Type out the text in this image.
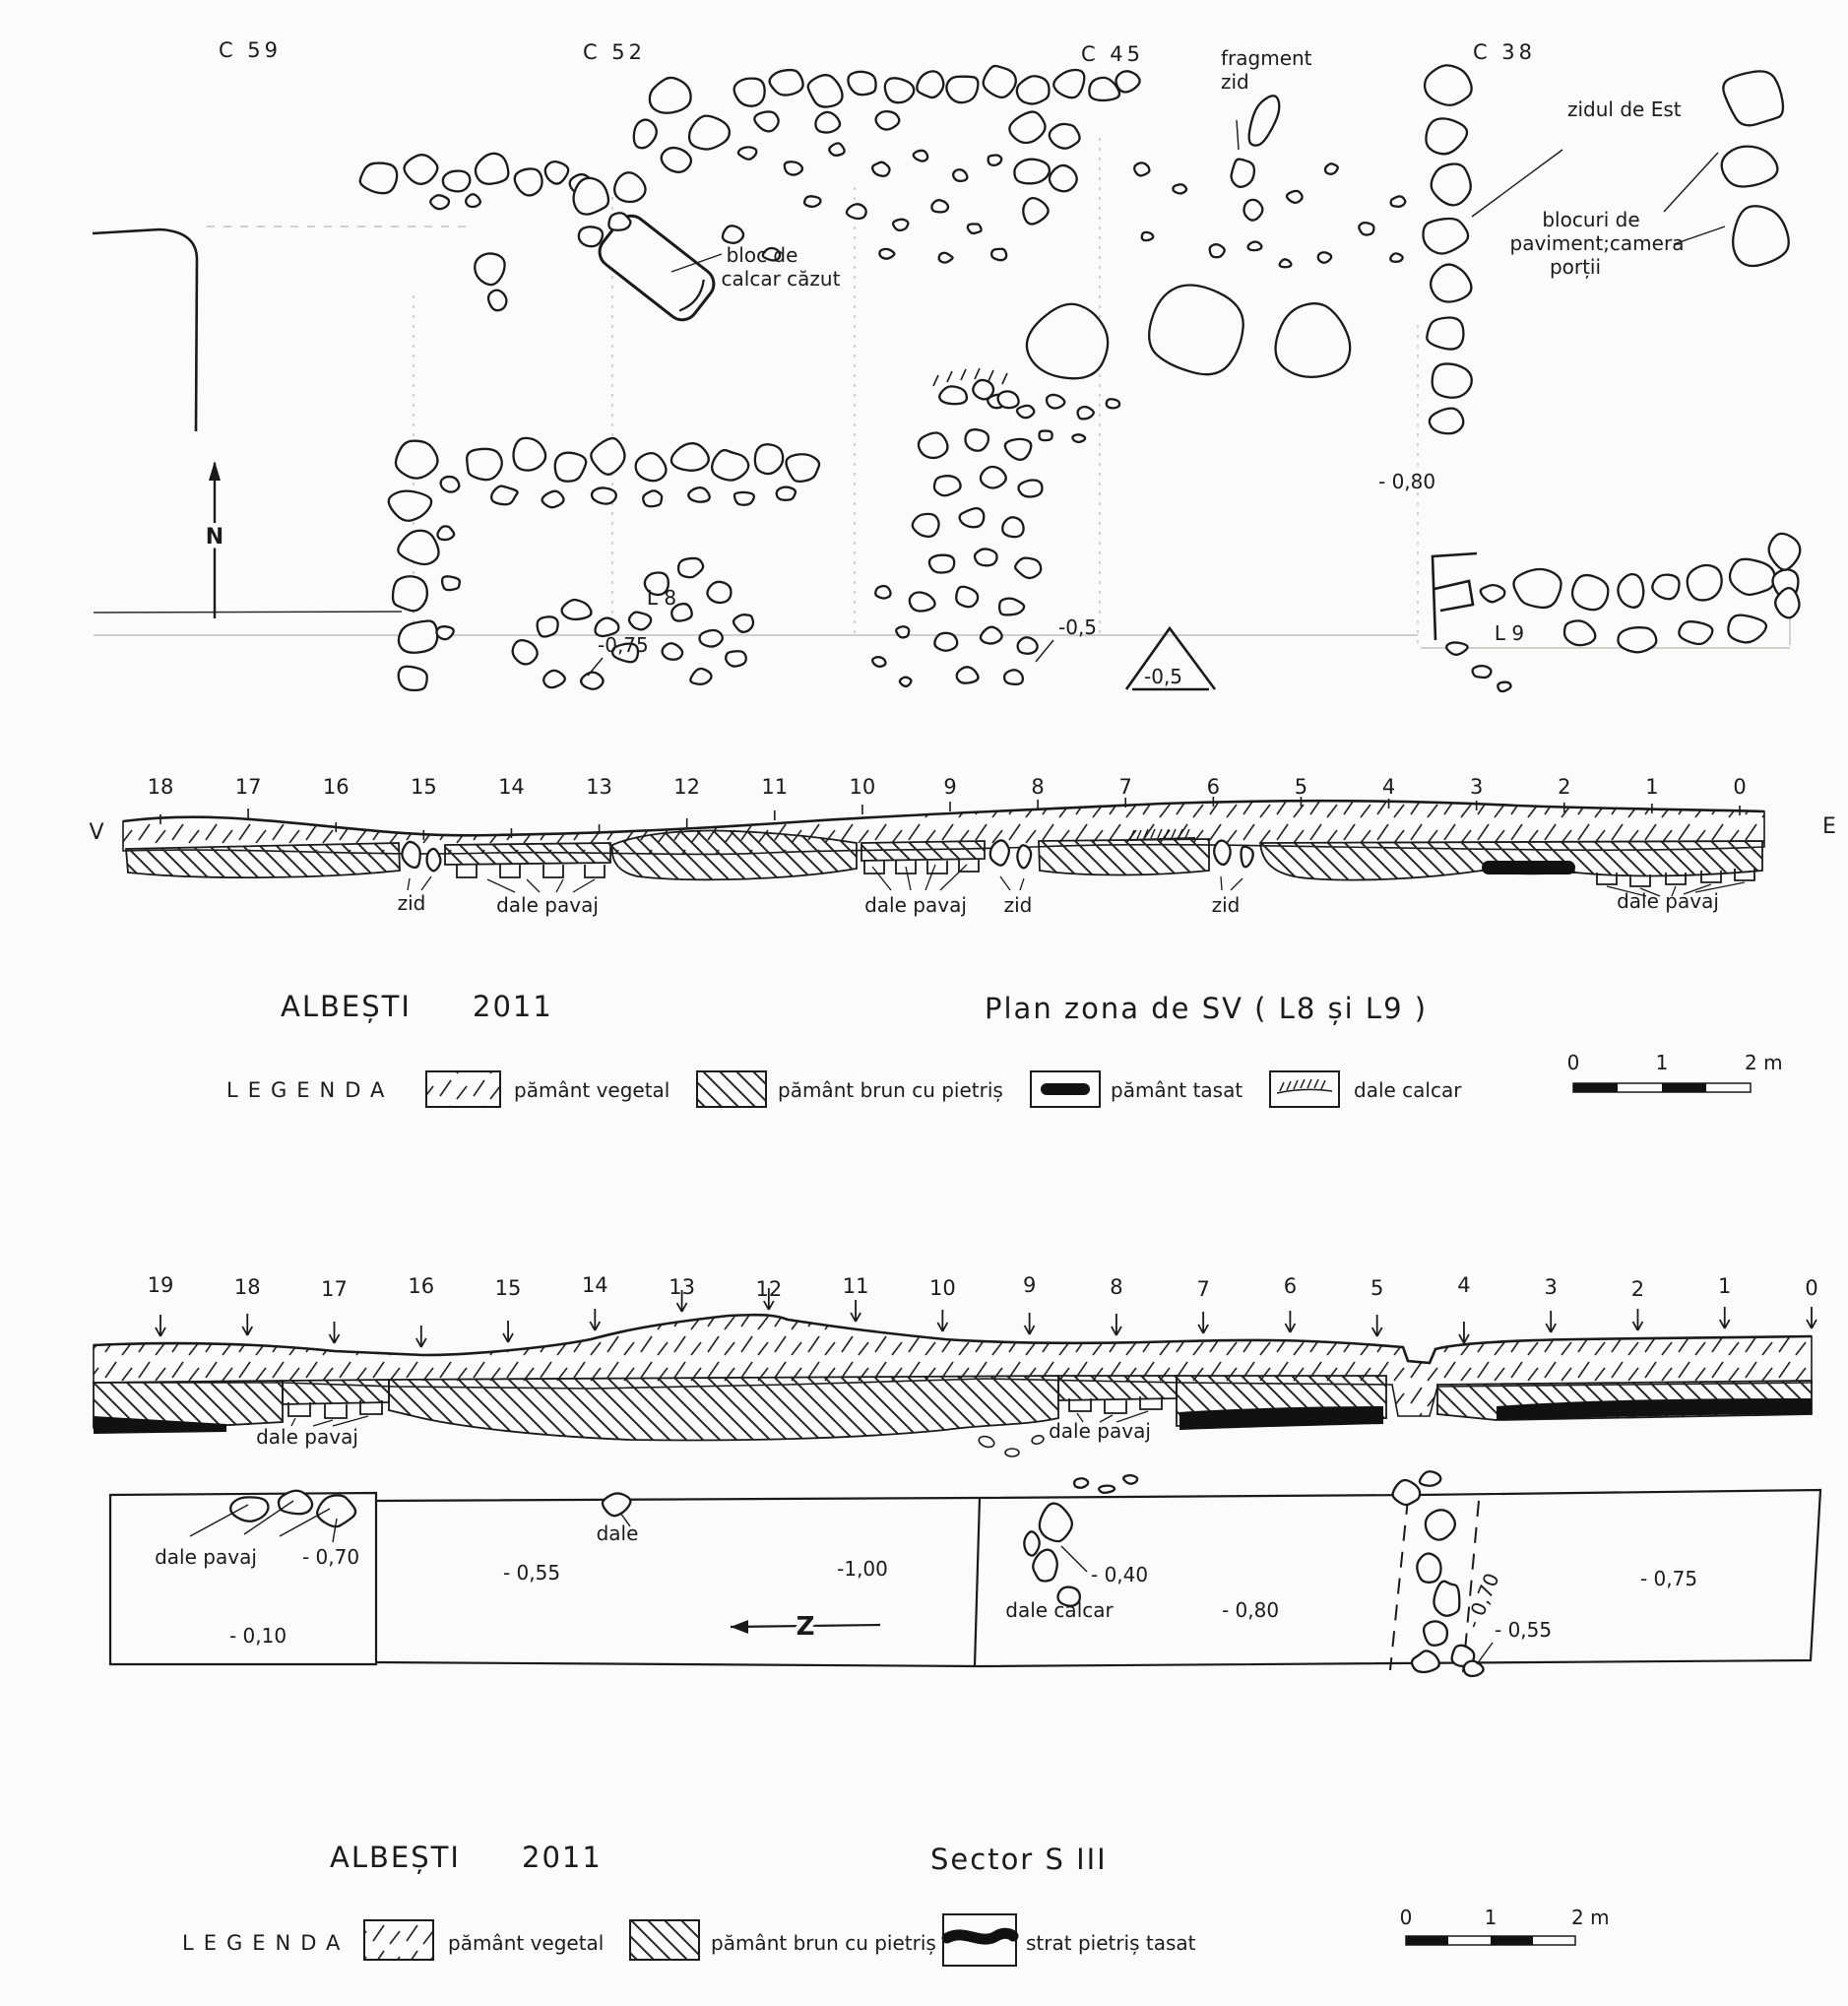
N
C 59	C 52	C 45	C 38
fragment
zid
zidul de Est
blocuri de
paviment;camera
porții
bloc de
calcar căzut
L 8
L 9
-0,75
-0,5
-0,5
- 0,80
18	17	16	15	14	13	12	11	10	9	8	7	6	5	4	3	2	1	0
V	E
zid	dale pavaj	dale pavaj zid	zid	dale pavaj
ALBEȘTI 2011	Plan zona de SV ( L8 și L9 )
LEGENDA	pământ vegetal	pământ brun cu pietriș	pământ tasat	dale calcar
0	1	2 m
19	18	17	16	15	14	13	12	11	10	9	8	7	6	5	4	3	2	1	0
dale pavaj	dale pavaj
Z
dale pavaj - 0,70
- 0,10
- 0,55
dale
-1,00	- 0,40
dale calcar	- 0,80	- 0,70
- 0,55
- 0,75
ALBEȘTI 2011	Sector S III
LEGENDA	pământ vegetal	pământ brun cu pietriș	strat pietriș tasat
0	1	2 m
